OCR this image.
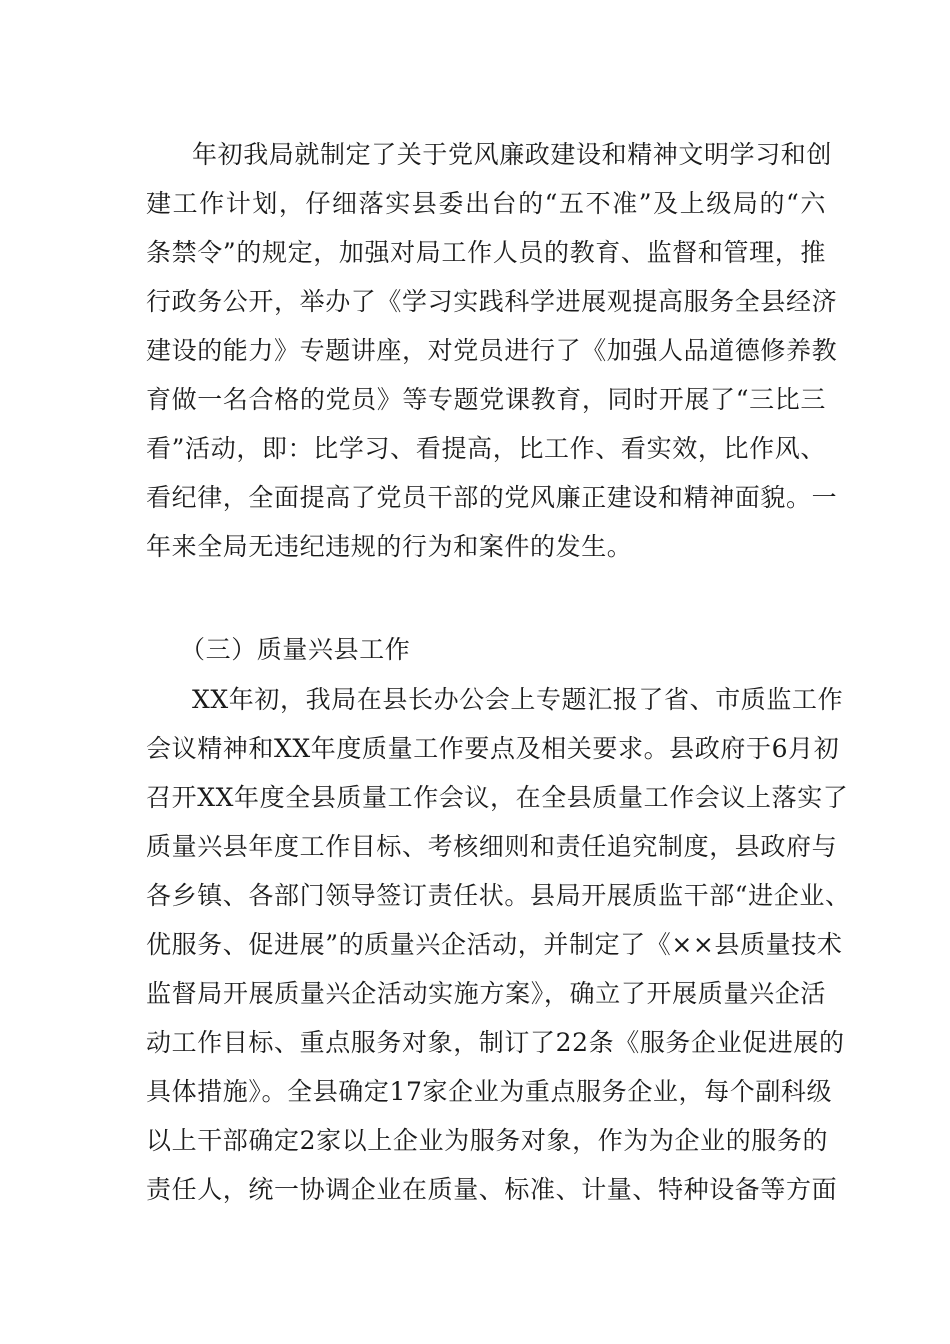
年初我局就制定了关于党风廉政建设和精神文明学习和创
建工作计划，仔细落实县委出台的“五不准”及上级局的“六
条禁令”的规定，加强对局工作人员的教育、监督和管理，推
行政务公开，举办了《学习实践科学进展观提高服务全县经济
建设的能力》专题讲座，对党员进行了《加强人品道德修养教
育做一名合格的党员》等专题党课教育，同时开展了“三比三
看”活动，即：比学习、看提高，比工作、看实效，比作风、
看纪律，全面提高了党员干部的党风廉正建设和精神面貌。一
年来全局无违纪违规的行为和案件的发生。
（三）质量兴县工作
XX年初，我局在县长办公会上专题汇报了省、市质监工作
会议精神和XX年度质量工作要点及相关要求。县政府于6月初
召开XX年度全县质量工作会议，在全县质量工作会议上落实了
质量兴县年度工作目标、考核细则和责任追究制度，县政府与
各乡镇、各部门领导签订责任状。县局开展质监干部“进企业、
优服务、促进展”的质量兴企活动，并制定了《××县质量技术
监督局开展质量兴企活动实施方案》，确立了开展质量兴企活
动工作目标、重点服务对象，制订了22条《服务企业促进展的
具体措施》。全县确定17家企业为重点服务企业，每个副科级
以上干部确定2家以上企业为服务对象，作为为企业的服务的
责任人，统一协调企业在质量、标准、计量、特种设备等方面
